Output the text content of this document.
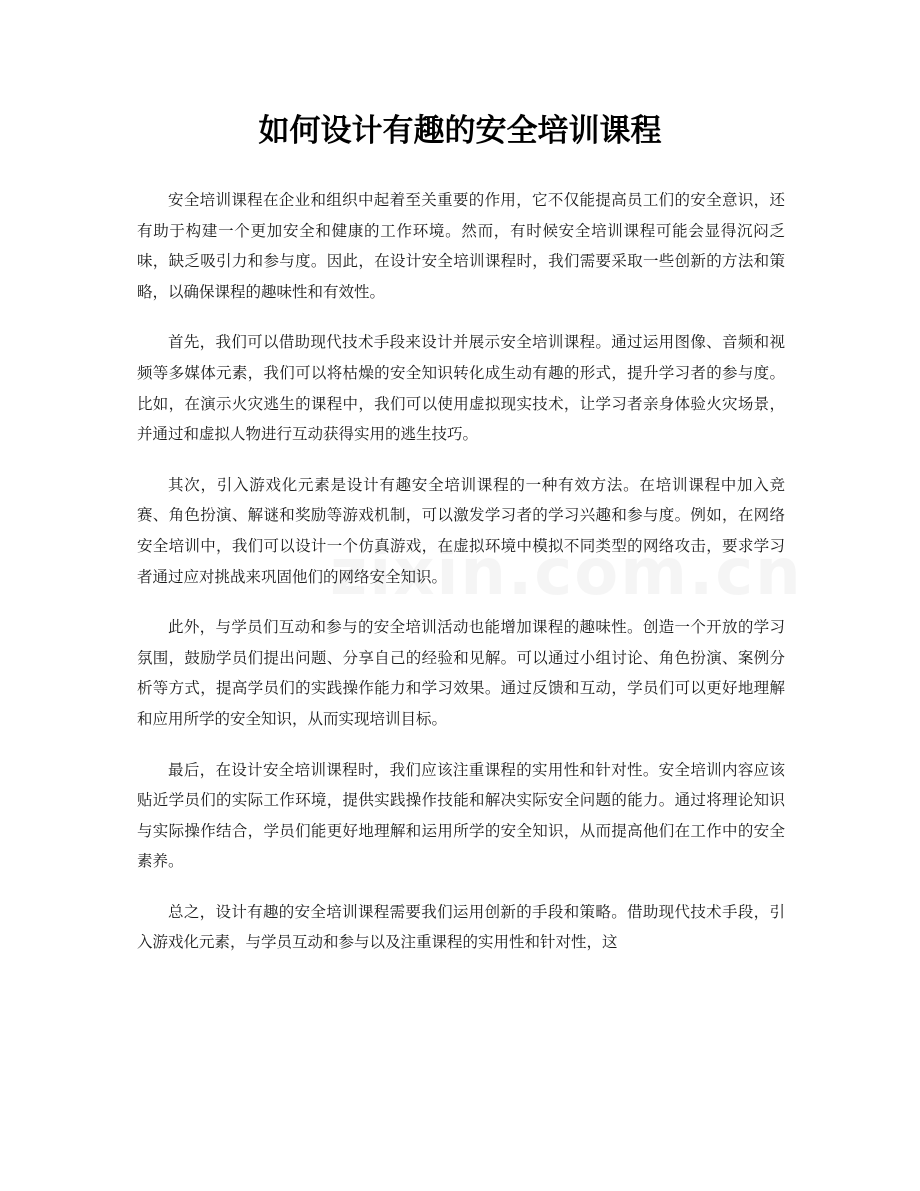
如何设计有趣的安全培训课程

安全培训课程在企业和组织中起着至关重要的作用，它不仅能提高员工们的安全意识，还有助于构建一个更加安全和健康的工作环境。然而，有时候安全培训课程可能会显得沉闷乏味，缺乏吸引力和参与度。因此，在设计安全培训课程时，我们需要采取一些创新的方法和策略，以确保课程的趣味性和有效性。

首先，我们可以借助现代技术手段来设计并展示安全培训课程。通过运用图像、音频和视频等多媒体元素，我们可以将枯燥的安全知识转化成生动有趣的形式，提升学习者的参与度。比如，在演示火灾逃生的课程中，我们可以使用虚拟现实技术，让学习者亲身体验火灾场景，并通过和虚拟人物进行互动获得实用的逃生技巧。

其次，引入游戏化元素是设计有趣安全培训课程的一种有效方法。在培训课程中加入竞赛、角色扮演、解谜和奖励等游戏机制，可以激发学习者的学习兴趣和参与度。例如，在网络安全培训中，我们可以设计一个仿真游戏，在虚拟环境中模拟不同类型的网络攻击，要求学习者通过应对挑战来巩固他们的网络安全知识。

此外，与学员们互动和参与的安全培训活动也能增加课程的趣味性。创造一个开放的学习氛围，鼓励学员们提出问题、分享自己的经验和见解。可以通过小组讨论、角色扮演、案例分析等方式，提高学员们的实践操作能力和学习效果。通过反馈和互动，学员们可以更好地理解和应用所学的安全知识，从而实现培训目标。

最后，在设计安全培训课程时，我们应该注重课程的实用性和针对性。安全培训内容应该贴近学员们的实际工作环境，提供实践操作技能和解决实际安全问题的能力。通过将理论知识与实际操作结合，学员们能更好地理解和运用所学的安全知识，从而提高他们在工作中的安全素养。

总之，设计有趣的安全培训课程需要我们运用创新的手段和策略。借助现代技术手段，引入游戏化元素，与学员互动和参与以及注重课程的实用性和针对性，这
